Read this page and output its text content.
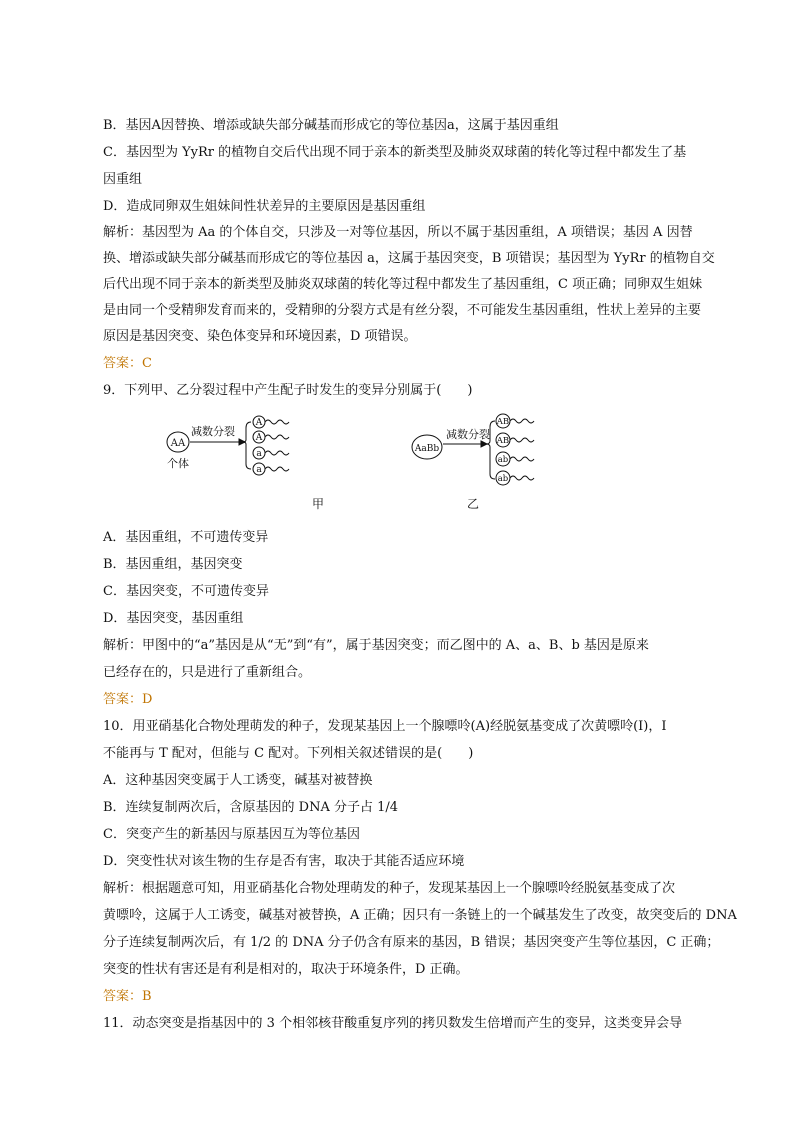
B．基因A因替换、增添或缺失部分碱基而形成它的等位基因a，这属于基因重组
C．基因型为 YyRr 的植物自交后代出现不同于亲本的新类型及肺炎双球菌的转化等过程中都发生了基
因重组
D．造成同卵双生姐妹间性状差异的主要原因是基因重组
解析：基因型为 Aa 的个体自交，只涉及一对等位基因，所以不属于基因重组，A 项错误；基因 A 因替
换、增添或缺失部分碱基而形成它的等位基因 a，这属于基因突变，B 项错误；基因型为 YyRr 的植物自交
后代出现不同于亲本的新类型及肺炎双球菌的转化等过程中都发生了基因重组，C 项正确；同卵双生姐妹
是由同一个受精卵发育而来的，受精卵的分裂方式是有丝分裂，不可能发生基因重组，性状上差异的主要
原因是基因突变、染色体变异和环境因素，D 项错误。
答案：C
9．下列甲、乙分裂过程中产生配子时发生的变异分别属于(　　)
AA
个体
减数分裂
A
A
a
a
甲
AaBb
减数分裂
AB
AB
ab
ab
乙
A．基因重组，不可遗传变异
B．基因重组，基因突变
C．基因突变，不可遗传变异
D．基因突变，基因重组
解析：甲图中的“a”基因是从“无”到“有”，属于基因突变；而乙图中的 A、a、B、b 基因是原来
已经存在的，只是进行了重新组合。
答案：D
10．用亚硝基化合物处理萌发的种子，发现某基因上一个腺嘌呤(A)经脱氨基变成了次黄嘌呤(I)，I
不能再与 T 配对，但能与 C 配对。下列相关叙述错误的是(　　)
A．这种基因突变属于人工诱变，碱基对被替换
B．连续复制两次后，含原基因的 DNA 分子占 1/4
C．突变产生的新基因与原基因互为等位基因
D．突变性状对该生物的生存是否有害，取决于其能否适应环境
解析：根据题意可知，用亚硝基化合物处理萌发的种子，发现某基因上一个腺嘌呤经脱氨基变成了次
黄嘌呤，这属于人工诱变，碱基对被替换，A 正确；因只有一条链上的一个碱基发生了改变，故突变后的 DNA
分子连续复制两次后，有 1/2 的 DNA 分子仍含有原来的基因，B 错误；基因突变产生等位基因，C 正确；
突变的性状有害还是有利是相对的，取决于环境条件，D 正确。
答案：B
11．动态突变是指基因中的 3 个相邻核苷酸重复序列的拷贝数发生倍增而产生的变异，这类变异会导
